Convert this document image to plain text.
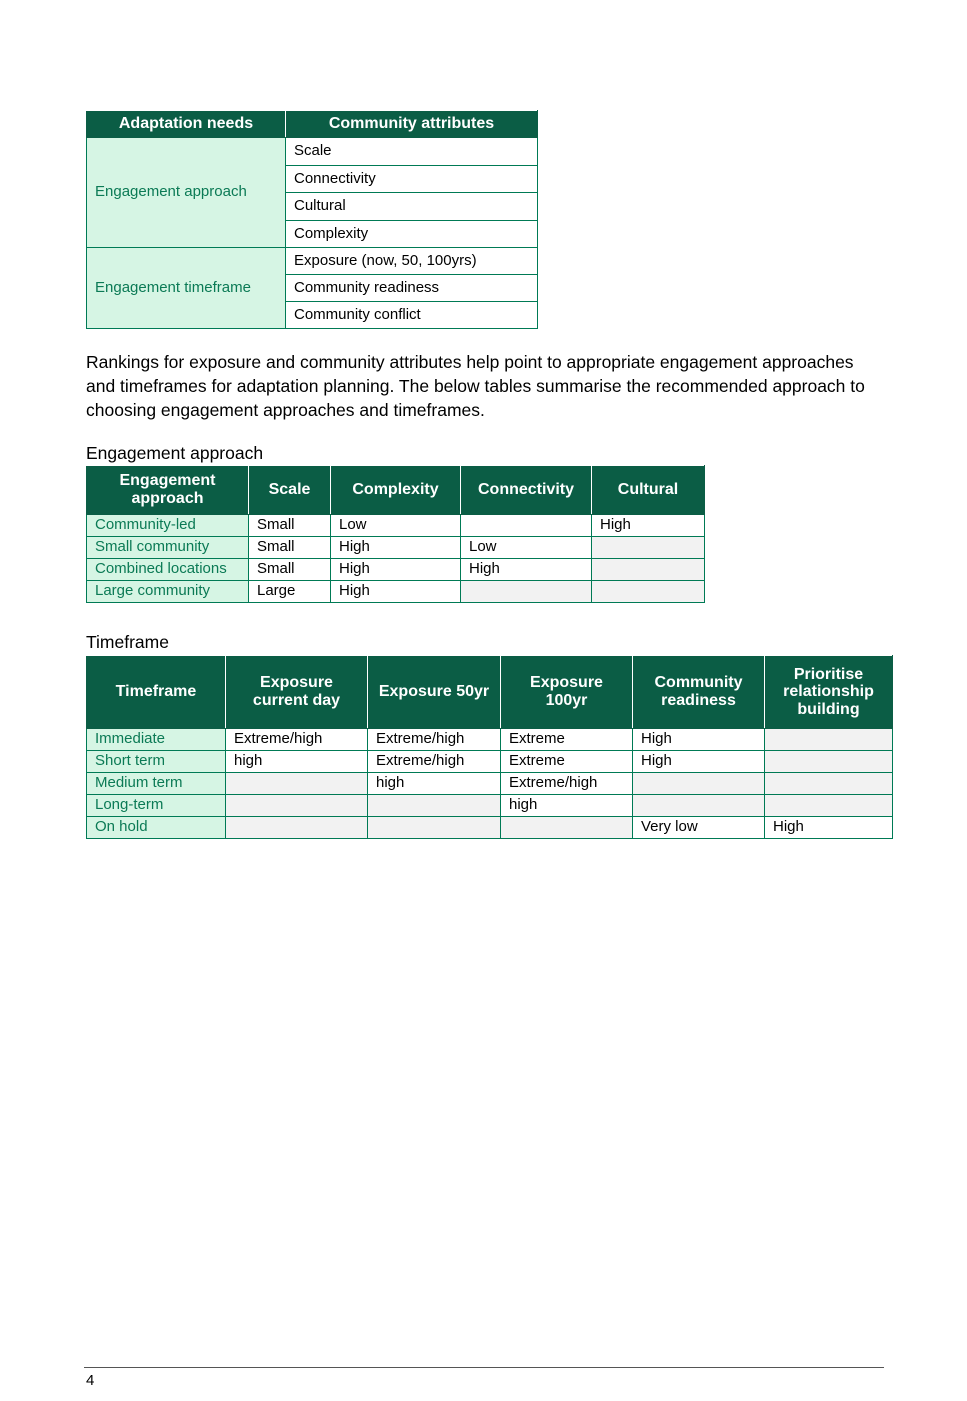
Adaptation needs	Community attributes
Engagement approach	Scale
	Connectivity
	Cultural
	Complexity
Engagement timeframe	Exposure (now, 50, 100yrs)
	Community readiness
	Community conflict

Rankings for exposure and community attributes help point to appropriate engagement approaches and timeframes for adaptation planning. The below tables summarise the recommended approach to choosing engagement approaches and timeframes.

Engagement approach
Engagement approach	Scale	Complexity	Connectivity	Cultural
Community-led	Small	Low		High
Small community	Small	High	Low	
Combined locations	Small	High	High	
Large community	Large	High		
Timeframe
Timeframe	Exposure current day	Exposure 50yr	Exposure 100yr	Community readiness	Prioritise relationship building
Immediate	Extreme/high	Extreme/high	Extreme	High	
Short term	high	Extreme/high	Extreme	High	
Medium term		high	Extreme/high		
Long-term			high		
On hold				Very low	High
4
